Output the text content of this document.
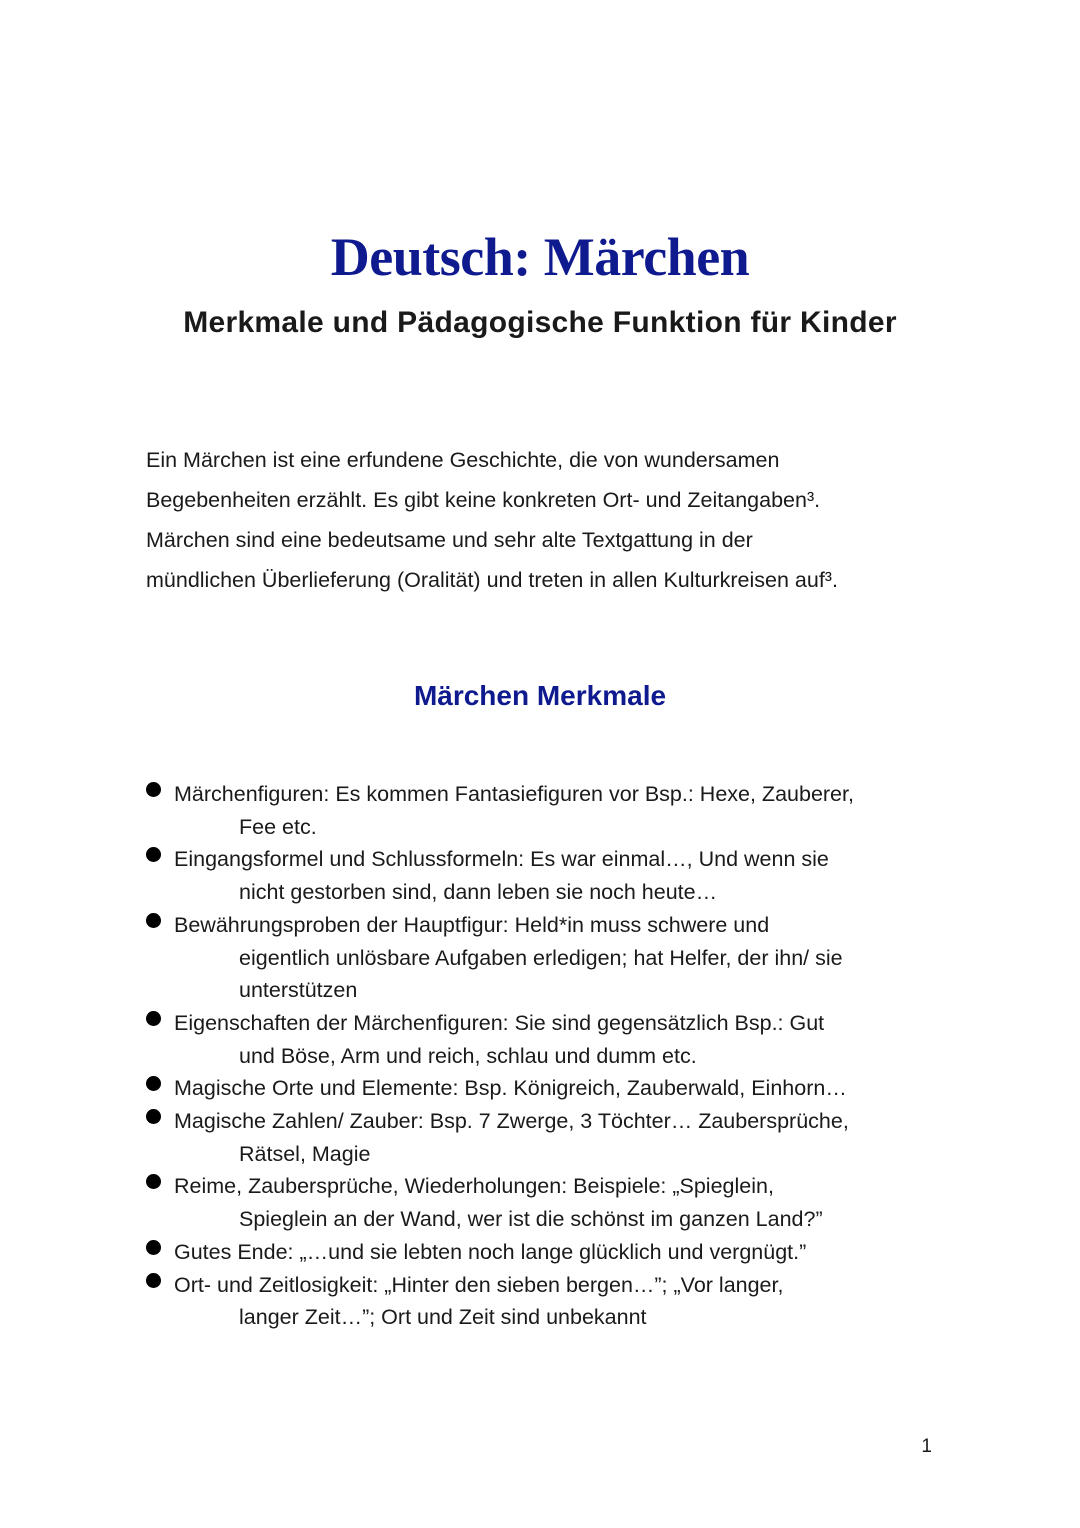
Deutsch: Märchen
Merkmale und Pädagogische Funktion für Kinder

Ein Märchen ist eine erfundene Geschichte, die von wundersamen
Begebenheiten erzählt. Es gibt keine konkreten Ort- und Zeitangaben³.
Märchen sind eine bedeutsame und sehr alte Textgattung in der
mündlichen Überlieferung (Oralität) und treten in allen Kulturkreisen auf³.

Märchen Merkmale
Märchenfiguren: Es kommen Fantasiefiguren vor Bsp.: Hexe, Zauberer,
Fee etc.
Eingangsformel und Schlussformeln: Es war einmal…, Und wenn sie
nicht gestorben sind, dann leben sie noch heute…
Bewährungsproben der Hauptfigur: Held*in muss schwere und
eigentlich unlösbare Aufgaben erledigen; hat Helfer, der ihn/ sie
unterstützen
Eigenschaften der Märchenfiguren: Sie sind gegensätzlich Bsp.: Gut
und Böse, Arm und reich, schlau und dumm etc.
Magische Orte und Elemente: Bsp. Königreich, Zauberwald, Einhorn…
Magische Zahlen/ Zauber: Bsp. 7 Zwerge, 3 Töchter… Zaubersprüche,
Rätsel, Magie
Reime, Zaubersprüche, Wiederholungen: Beispiele: „Spieglein,
Spieglein an der Wand, wer ist die schönst im ganzen Land?”
Gutes Ende: „…und sie lebten noch lange glücklich und vergnügt.”
Ort- und Zeitlosigkeit: „Hinter den sieben bergen…”; „Vor langer,
langer Zeit…”; Ort und Zeit sind unbekannt

1
